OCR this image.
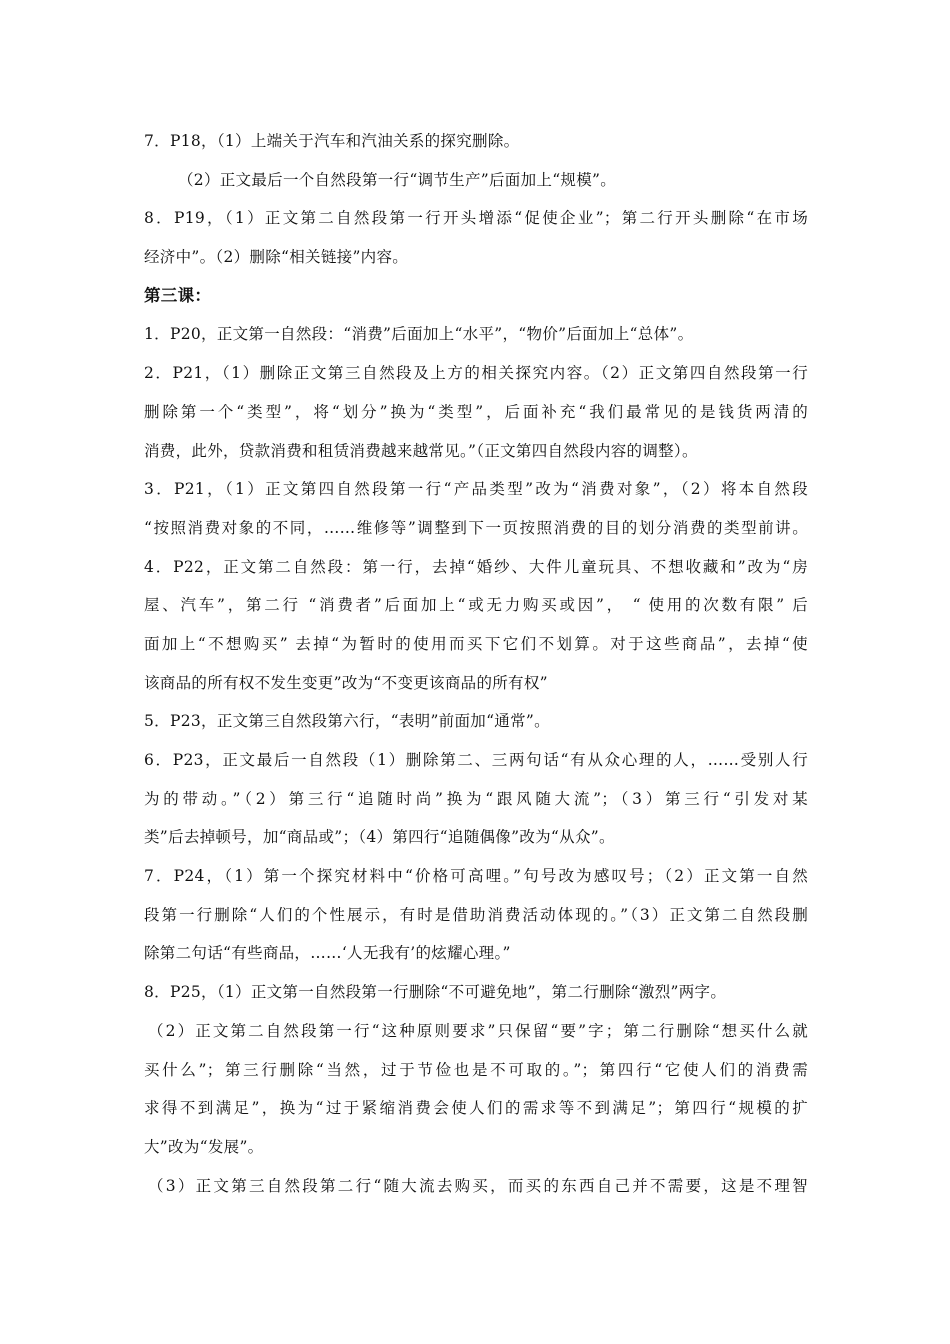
7．P18，（1）上端关于汽车和汽油关系的探究删除。
（2）正文最后一个自然段第一行“调节生产”后面加上“规模”。
8．P19，（1）正文第二自然段第一行开头增添“促使企业”；第二行开头删除“在市场
经济中”。（2）删除“相关链接”内容。
第三课：
1．P20，正文第一自然段：“消费”后面加上“水平”，“物价”后面加上“总体”。
2．P21，（1）删除正文第三自然段及上方的相关探究内容。（2）正文第四自然段第一行
删除第一个“类型”，将“划分”换为“类型”，后面补充“我们最常见的是钱货两清的
消费，此外，贷款消费和租赁消费越来越常见。”（正文第四自然段内容的调整）。
3．P21，（1）正文第四自然段第一行“产品类型”改为“消费对象”，（2）将本自然段
“按照消费对象的不同，……维修等”调整到下一页按照消费的目的划分消费的类型前讲。
4．P22，正文第二自然段：第一行，去掉“婚纱、大件儿童玩具、不想收藏和”改为“房
屋、汽车”，第二行 “消费者”后面加上“或无力购买或因”， “ 使用的次数有限” 后
面加上“不想购买” 去掉“为暂时的使用而买下它们不划算。对于这些商品”，去掉“使
该商品的所有权不发生变更”改为“不变更该商品的所有权”
5．P23，正文第三自然段第六行，“表明”前面加“通常”。
6．P23，正文最后一自然段（1）删除第二、三两句话“有从众心理的人，……受别人行
为的带动。”（2）第三行“追随时尚”换为“跟风随大流”；（3）第三行“引发对某
类”后去掉顿号，加“商品或”；（4）第四行“追随偶像”改为“从众”。
7．P24，（1）第一个探究材料中“价格可高哩。”句号改为感叹号；（2）正文第一自然
段第一行删除“人们的个性展示，有时是借助消费活动体现的。”（3）正文第二自然段删
除第二句话“有些商品，……‘人无我有’的炫耀心理。”
8．P25，（1）正文第一自然段第一行删除“不可避免地”，第二行删除“激烈”两字。
（2）正文第二自然段第一行“这种原则要求”只保留“要”字；第二行删除“想买什么就
买什么”；第三行删除“当然，过于节俭也是不可取的。”；第四行“它使人们的消费需
求得不到满足”，换为“过于紧缩消费会使人们的需求等不到满足”；第四行“规模的扩
大”改为“发展”。
（3）正文第三自然段第二行“随大流去购买，而买的东西自己并不需要，这是不理智
